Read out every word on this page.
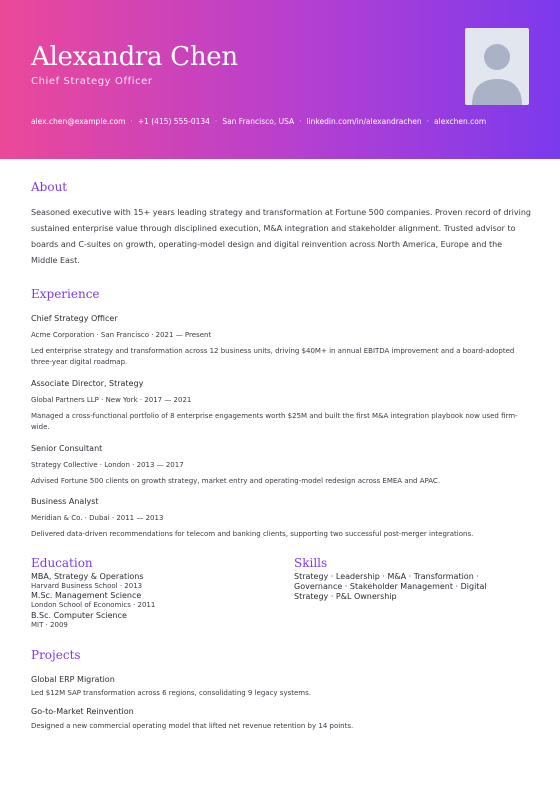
Alexandra Chen
Chief Strategy Officer
alex.chen@example.com · +1 (415) 555-0134 · San Francisco, USA · linkedin.com/in/alexandrachen · alexchen.com
About
Seasoned executive with 15+ years leading strategy and transformation at Fortune 500 companies. Proven record of driving sustained enterprise value through disciplined execution, M&A integration and stakeholder alignment. Trusted advisor to boards and C-suites on growth, operating-model design and digital reinvention across North America, Europe and the Middle East.
Experience
Chief Strategy Officer
Acme Corporation · San Francisco · 2021 — Present
Led enterprise strategy and transformation across 12 business units, driving $40M+ in annual EBITDA improvement and a board-adopted three-year digital roadmap.
Associate Director, Strategy
Global Partners LLP · New York · 2017 — 2021
Managed a cross-functional portfolio of 8 enterprise engagements worth $25M and built the first M&A integration playbook now used firm-wide.
Senior Consultant
Strategy Collective · London · 2013 — 2017
Advised Fortune 500 clients on growth strategy, market entry and operating-model redesign across EMEA and APAC.
Business Analyst
Meridian & Co. · Dubai · 2011 — 2013
Delivered data-driven recommendations for telecom and banking clients, supporting two successful post-merger integrations.
Education
MBA, Strategy & Operations
Harvard Business School · 2013
M.Sc. Management Science
London School of Economics · 2011
B.Sc. Computer Science
MIT · 2009
Skills
Strategy · Leadership · M&A · Transformation · Governance · Stakeholder Management · Digital Strategy · P&L Ownership
Projects
Global ERP Migration
Led $12M SAP transformation across 6 regions, consolidating 9 legacy systems.
Go-to-Market Reinvention
Designed a new commercial operating model that lifted net revenue retention by 14 points.
